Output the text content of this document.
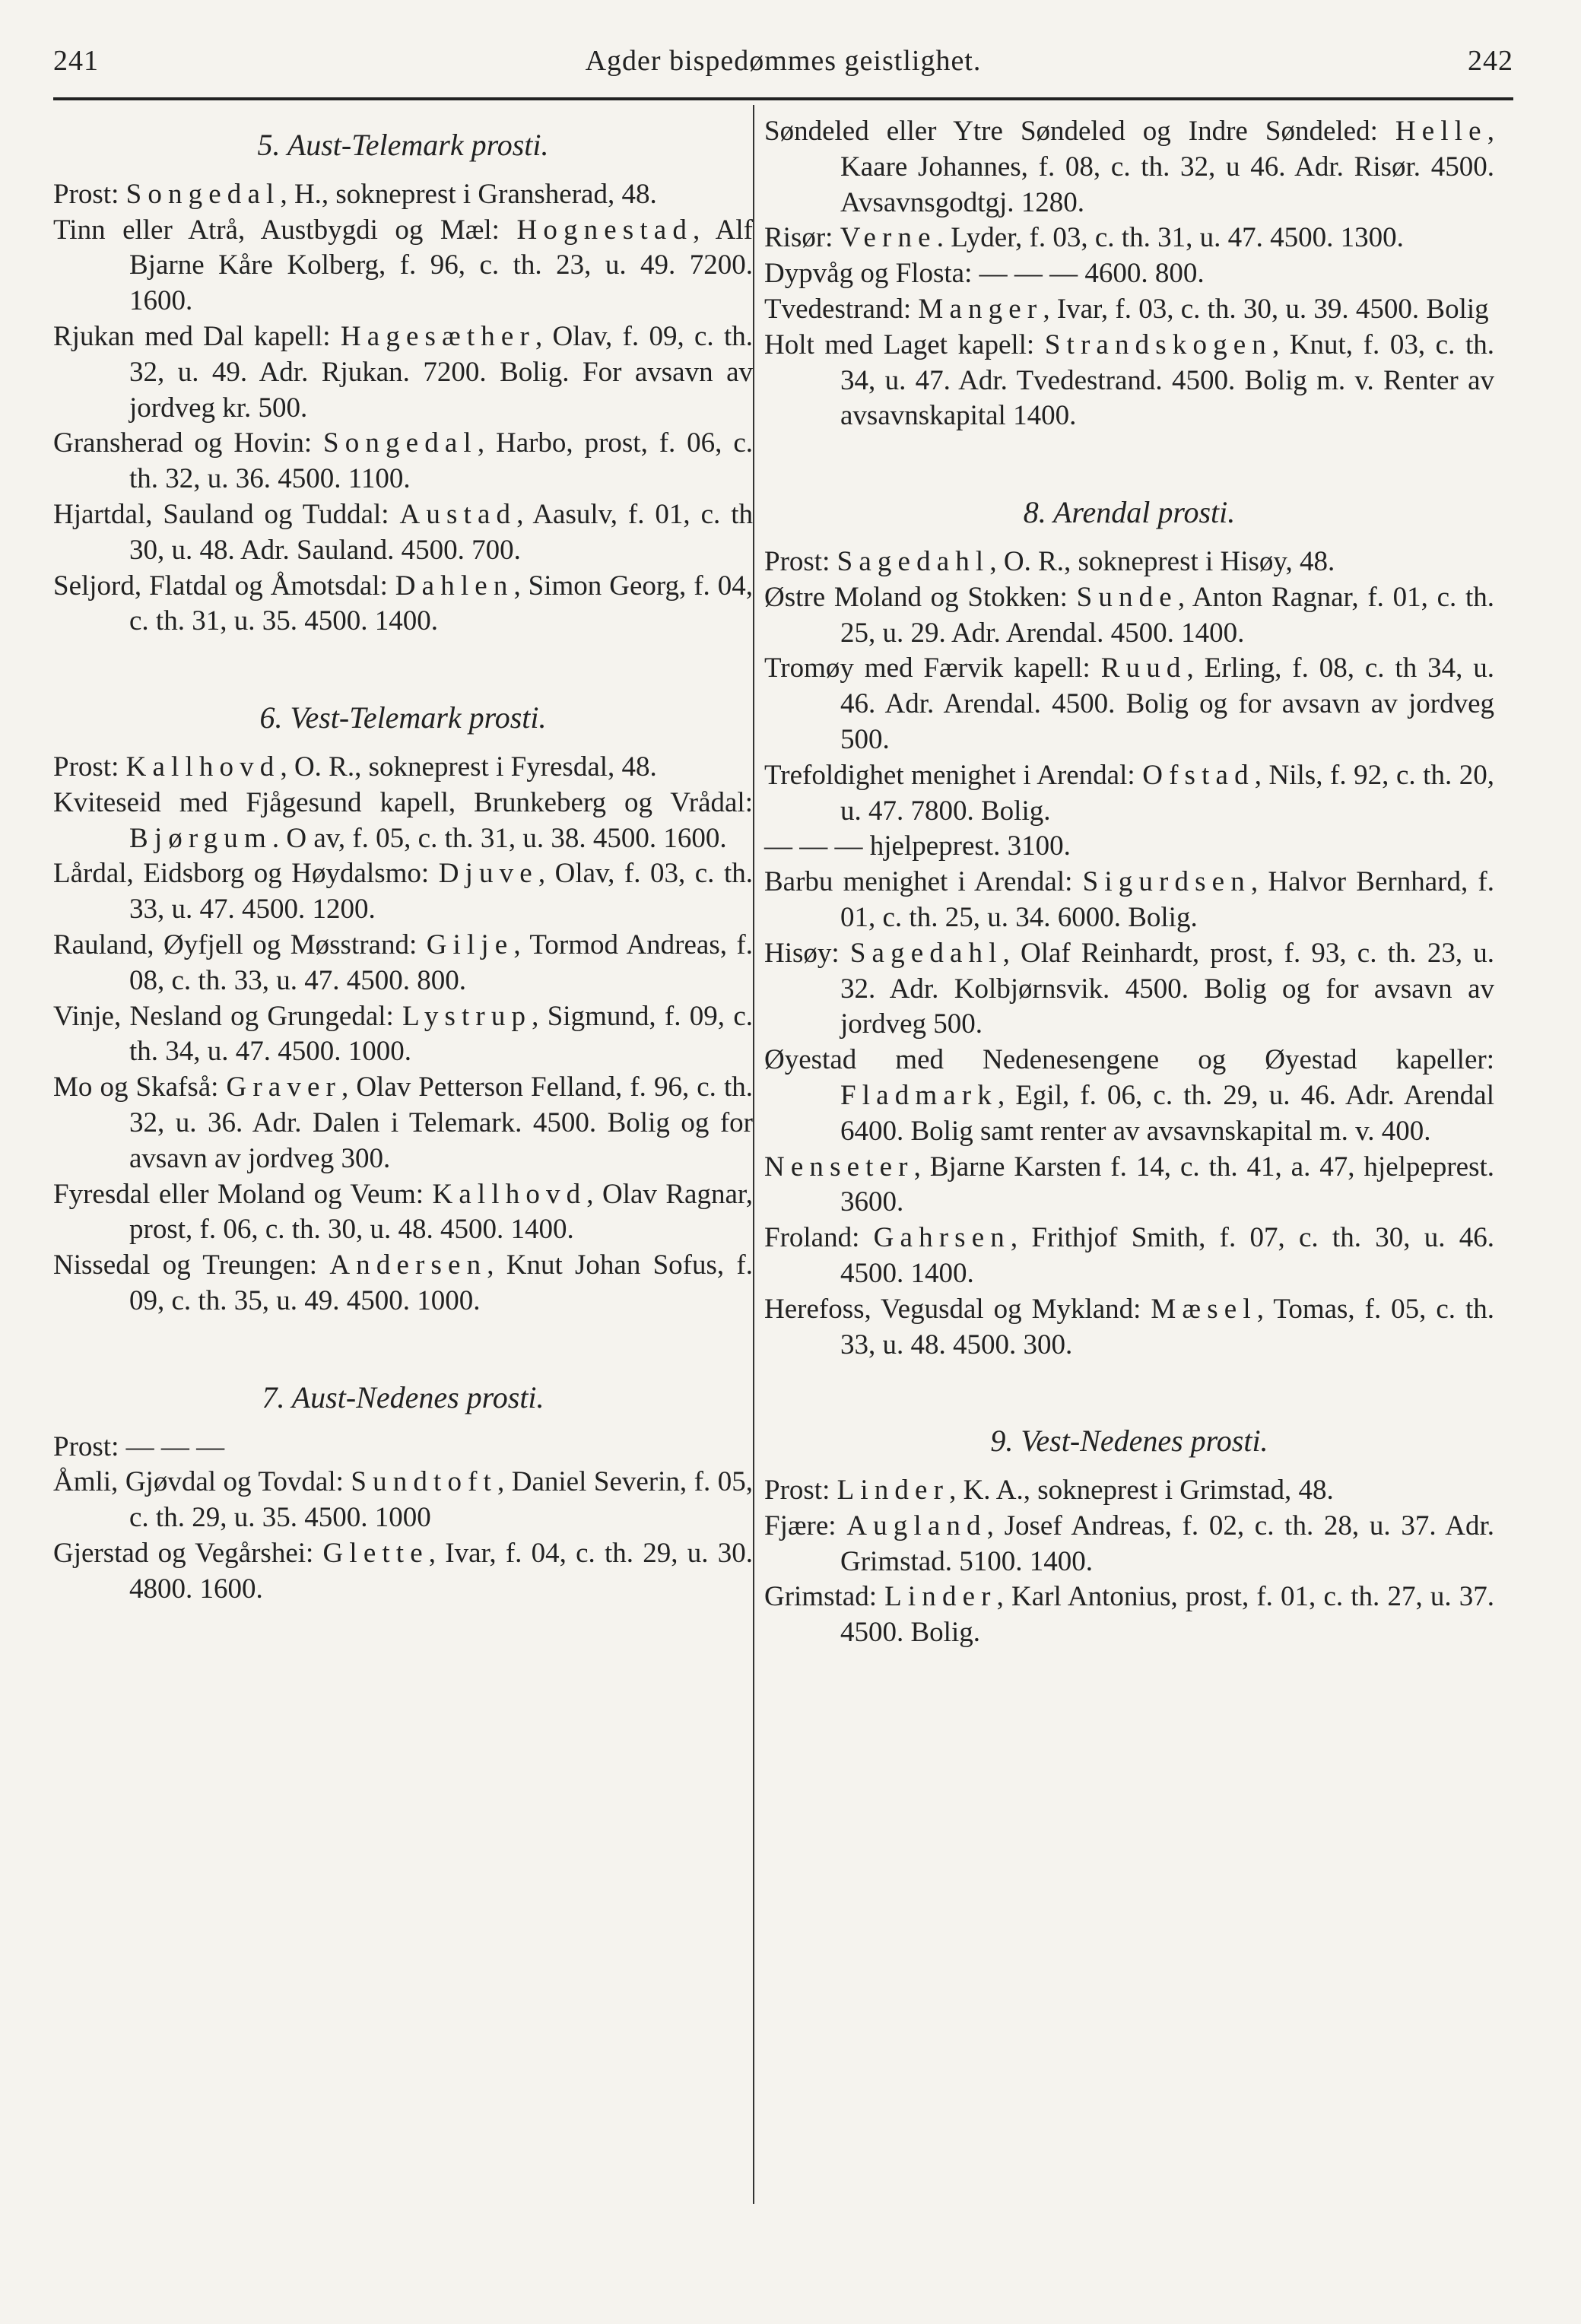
241	Agder bispedømmes geistlighet.	242
5. Aust-Telemark prosti.
Prost: Songedal, H., sokneprest i Gransherad, 48.
Tinn eller Atrå, Austbygdi og Mæl: Hognestad, Alf Bjarne Kåre Kolberg, f. 96, c. th. 23, u. 49. 7200. 1600.
Rjukan med Dal kapell: Hagesæther, Olav, f. 09, c. th. 32, u. 49. Adr. Rjukan. 7200. Bolig. For avsavn av jordveg kr. 500.
Gransherad og Hovin: Songedal, Harbo, prost, f. 06, c. th. 32, u. 36. 4500. 1100.
Hjartdal, Sauland og Tuddal: Austad, Aasulv, f. 01, c. th 30, u. 48. Adr. Sauland. 4500. 700.
Seljord, Flatdal og Åmotsdal: Dahlen, Simon Georg, f. 04, c. th. 31, u. 35. 4500. 1400.
6. Vest-Telemark prosti.
Prost: Kallhovd, O. R., sokneprest i Fyresdal, 48.
Kviteseid med Fjågesund kapell, Brunkeberg og Vrådal: Bjørgum. O av, f. 05, c. th. 31, u. 38. 4500. 1600.
Lårdal, Eidsborg og Høydalsmo: Djuve, Olav, f. 03, c. th. 33, u. 47. 4500. 1200.
Rauland, Øyfjell og Møsstrand: Gilje, Tormod Andreas, f. 08, c. th. 33, u. 47. 4500. 800.
Vinje, Nesland og Grungedal: Lystrup, Sigmund, f. 09, c. th. 34, u. 47. 4500. 1000.
Mo og Skafså: Graver, Olav Petterson Felland, f. 96, c. th. 32, u. 36. Adr. Dalen i Telemark. 4500. Bolig og for avsavn av jordveg 300.
Fyresdal eller Moland og Veum: Kallhovd, Olav Ragnar, prost, f. 06, c. th. 30, u. 48. 4500. 1400.
Nissedal og Treungen: Andersen, Knut Johan Sofus, f. 09, c. th. 35, u. 49. 4500. 1000.
7. Aust-Nedenes prosti.
Prost: — — —
Åmli, Gjøvdal og Tovdal: Sundtoft, Daniel Severin, f. 05, c. th. 29, u. 35. 4500. 1000
Gjerstad og Vegårshei: Glette, Ivar, f. 04, c. th. 29, u. 30. 4800. 1600.
Søndeled eller Ytre Søndeled og Indre Søndeled: Helle, Kaare Johannes, f. 08, c. th. 32, u 46. Adr. Risør. 4500. Avsavnsgodtgj. 1280.
Risør: Verne. Lyder, f. 03, c. th. 31, u. 47. 4500. 1300.
Dypvåg og Flosta: — — — 4600. 800.
Tvedestrand: Manger, Ivar, f. 03, c. th. 30, u. 39. 4500. Bolig
Holt med Laget kapell: Strandskogen, Knut, f. 03, c. th. 34, u. 47. Adr. Tvedestrand. 4500. Bolig m. v. Renter av avsavnskapital 1400.
8. Arendal prosti.
Prost: Sagedahl, O. R., sokneprest i Hisøy, 48.
Østre Moland og Stokken: Sunde, Anton Ragnar, f. 01, c. th. 25, u. 29. Adr. Arendal. 4500. 1400.
Tromøy med Færvik kapell: Ruud, Erling, f. 08, c. th 34, u. 46. Adr. Arendal. 4500. Bolig og for avsavn av jordveg 500.
Trefoldighet menighet i Arendal: Ofstad, Nils, f. 92, c. th. 20, u. 47. 7800. Bolig.
— — — hjelpeprest. 3100.
Barbu menighet i Arendal: Sigurdsen, Halvor Bernhard, f. 01, c. th. 25, u. 34. 6000. Bolig.
Hisøy: Sagedahl, Olaf Reinhardt, prost, f. 93, c. th. 23, u. 32. Adr. Kolbjørnsvik. 4500. Bolig og for avsavn av jordveg 500.
Øyestad med Nedenesengene og Øyestad kapeller: Fladmark, Egil, f. 06, c. th. 29, u. 46. Adr. Arendal 6400. Bolig samt renter av avsavnskapital m. v. 400.
Nenseter, Bjarne Karsten f. 14, c. th. 41, a. 47, hjelpeprest. 3600.
Froland: Gahrsen, Frithjof Smith, f. 07, c. th. 30, u. 46. 4500. 1400.
Herefoss, Vegusdal og Mykland: Mæsel, Tomas, f. 05, c. th. 33, u. 48. 4500. 300.
9. Vest-Nedenes prosti.
Prost: Linder, K. A., sokneprest i Grimstad, 48.
Fjære: Augland, Josef Andreas, f. 02, c. th. 28, u. 37. Adr. Grimstad. 5100. 1400.
Grimstad: Linder, Karl Antonius, prost, f. 01, c. th. 27, u. 37. 4500. Bolig.
